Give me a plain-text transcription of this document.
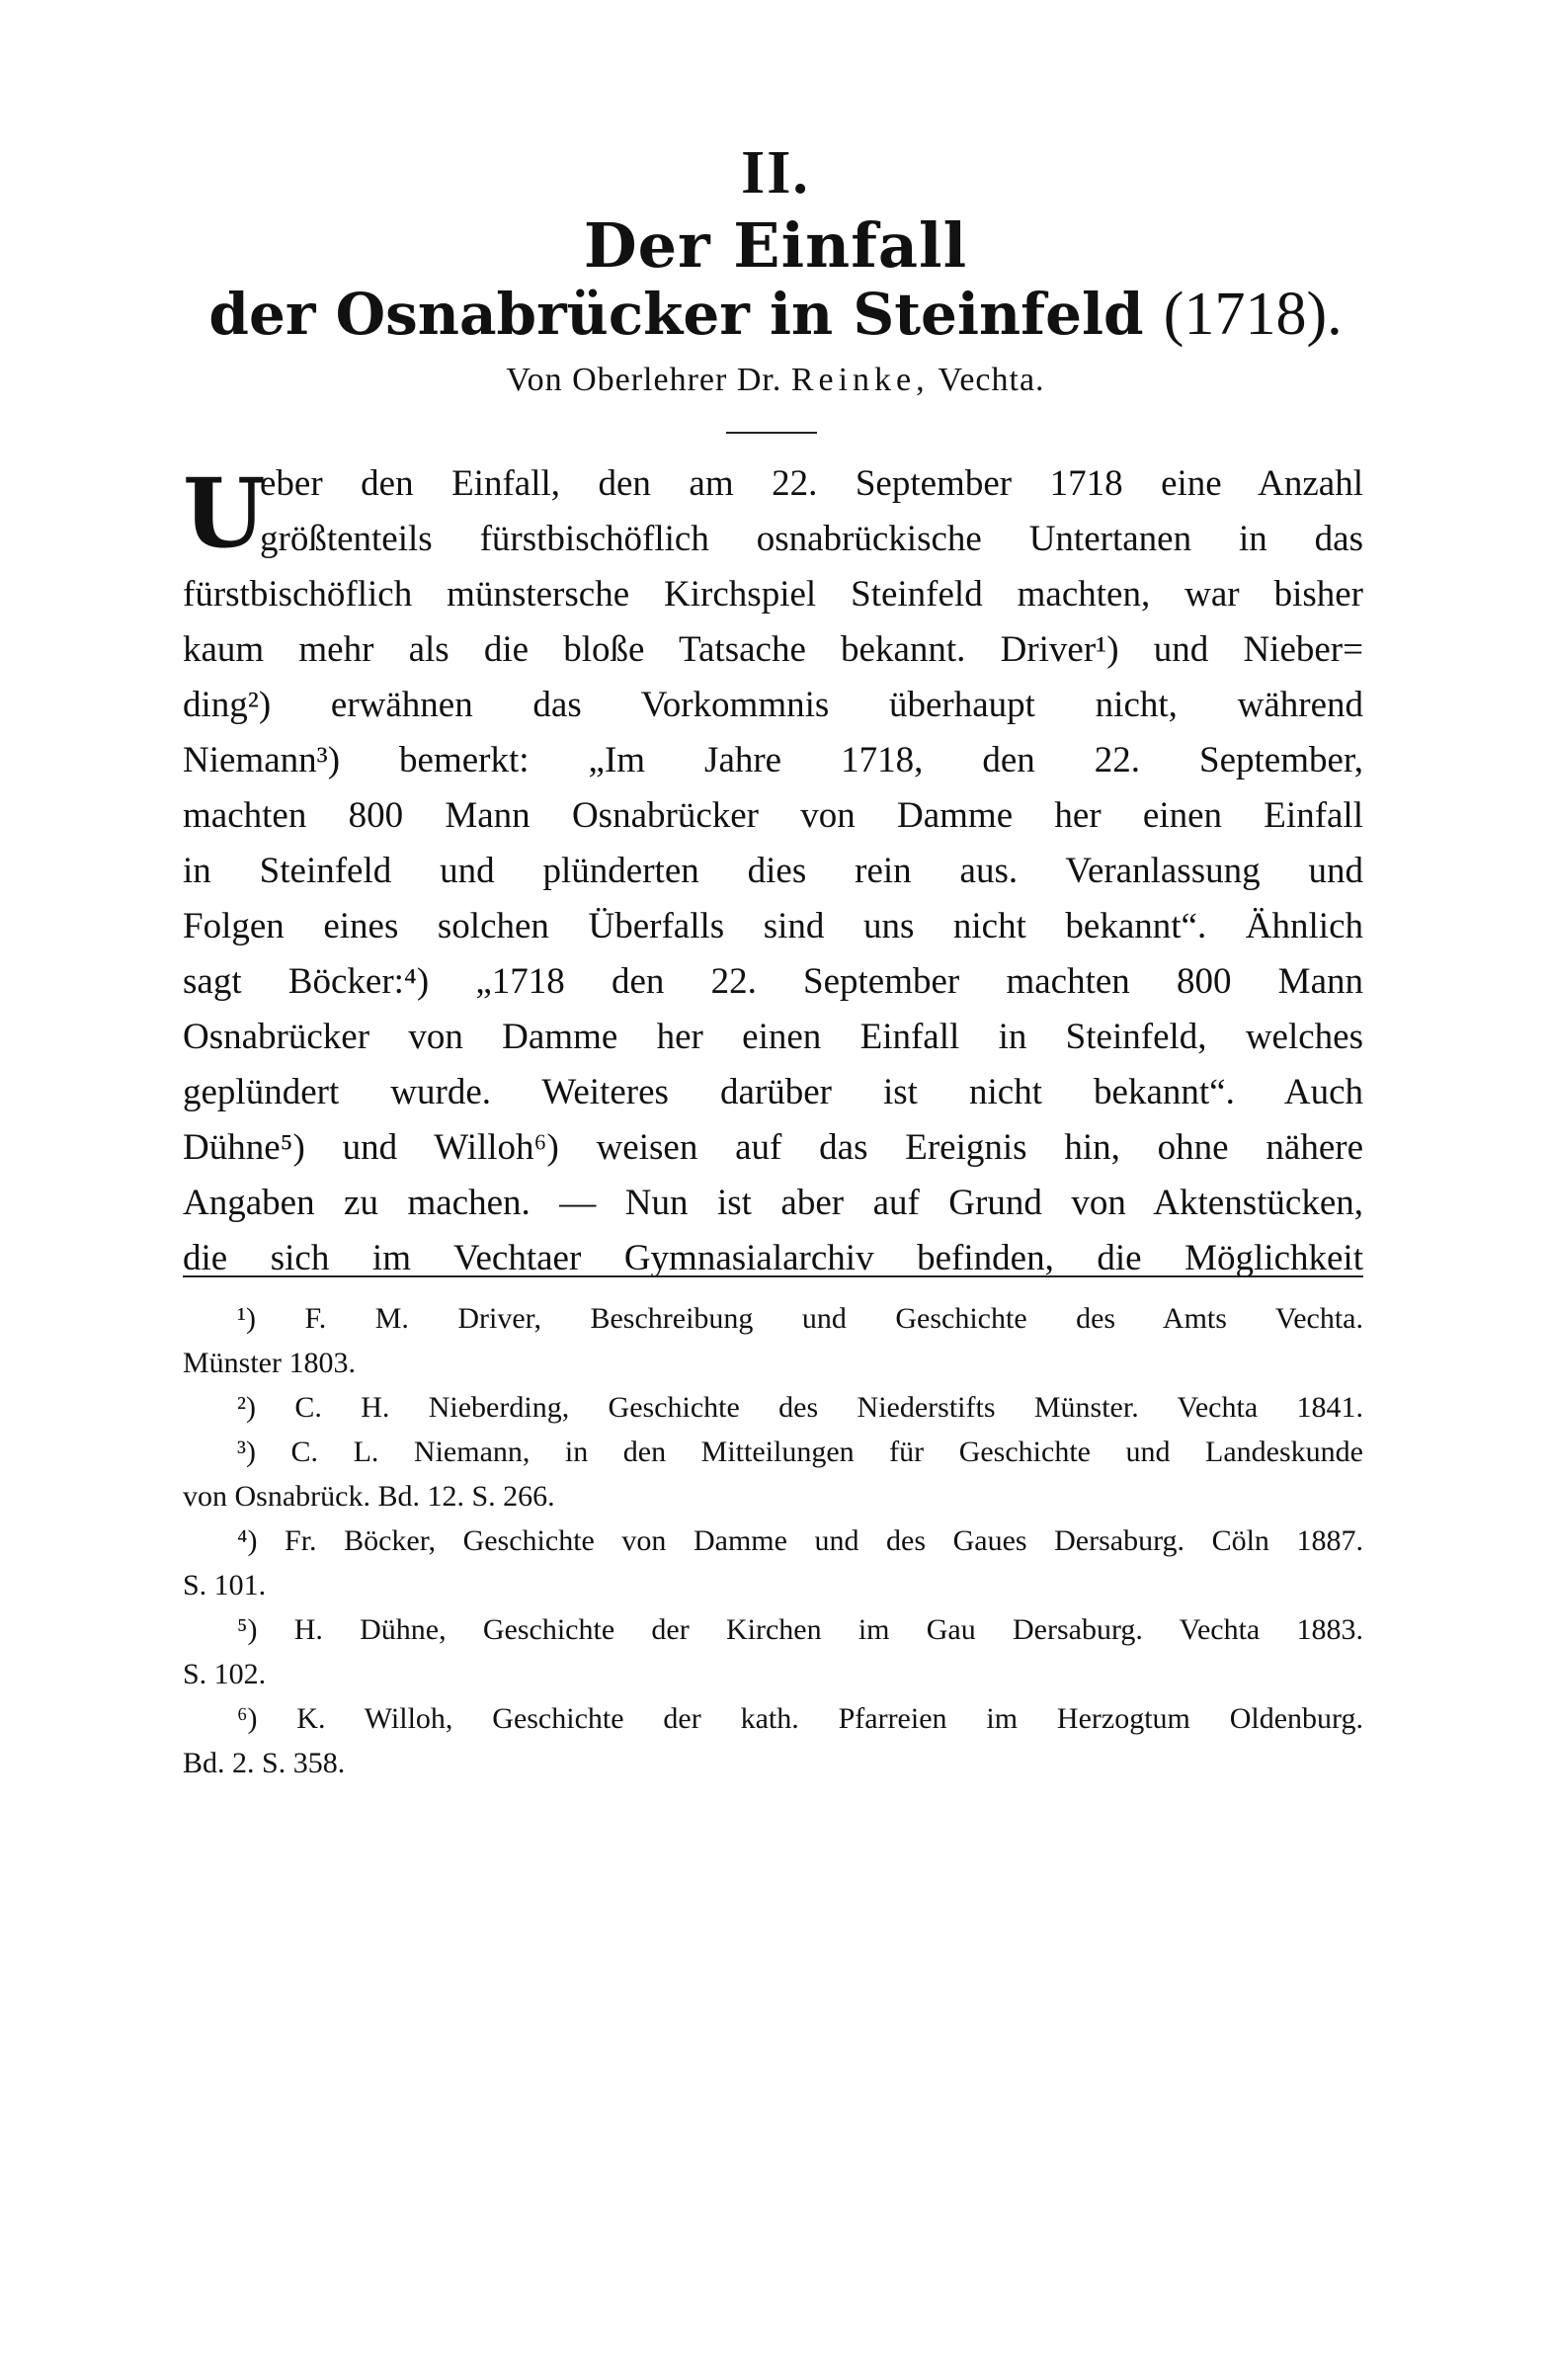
II.
Der Einfall
der Osnabrücker in Steinfeld (1718).
Von Oberlehrer Dr. Reinke, Vechta.
U
eber den Einfall, den am 22. September 1718 eine Anzahl
größtenteils fürstbischöflich osnabrückische Untertanen in das
fürstbischöflich münstersche Kirchspiel Steinfeld machten, war bisher
kaum mehr als die bloße Tatsache bekannt. Driver¹) und Nieber=
ding²) erwähnen das Vorkommnis überhaupt nicht, während
Niemann³) bemerkt: „Im Jahre 1718, den 22. September,
machten 800 Mann Osnabrücker von Damme her einen Einfall
in Steinfeld und plünderten dies rein aus. Veranlassung und
Folgen eines solchen Überfalls sind uns nicht bekannt“. Ähnlich
sagt Böcker:⁴) „1718 den 22. September machten 800 Mann
Osnabrücker von Damme her einen Einfall in Steinfeld, welches
geplündert wurde. Weiteres darüber ist nicht bekannt“. Auch
Dühne⁵) und Willoh⁶) weisen auf das Ereignis hin, ohne nähere
Angaben zu machen. — Nun ist aber auf Grund von Aktenstücken,
die sich im Vechtaer Gymnasialarchiv befinden, die Möglichkeit
¹) F. M. Driver, Beschreibung und Geschichte des Amts Vechta.
Münster 1803.
²) C. H. Nieberding, Geschichte des Niederstifts Münster. Vechta 1841.
³) C. L. Niemann, in den Mitteilungen für Geschichte und Landeskunde
von Osnabrück. Bd. 12. S. 266.
⁴) Fr. Böcker, Geschichte von Damme und des Gaues Dersaburg. Cöln 1887.
S. 101.
⁵) H. Dühne, Geschichte der Kirchen im Gau Dersaburg. Vechta 1883.
S. 102.
⁶) K. Willoh, Geschichte der kath. Pfarreien im Herzogtum Oldenburg.
Bd. 2. S. 358.
